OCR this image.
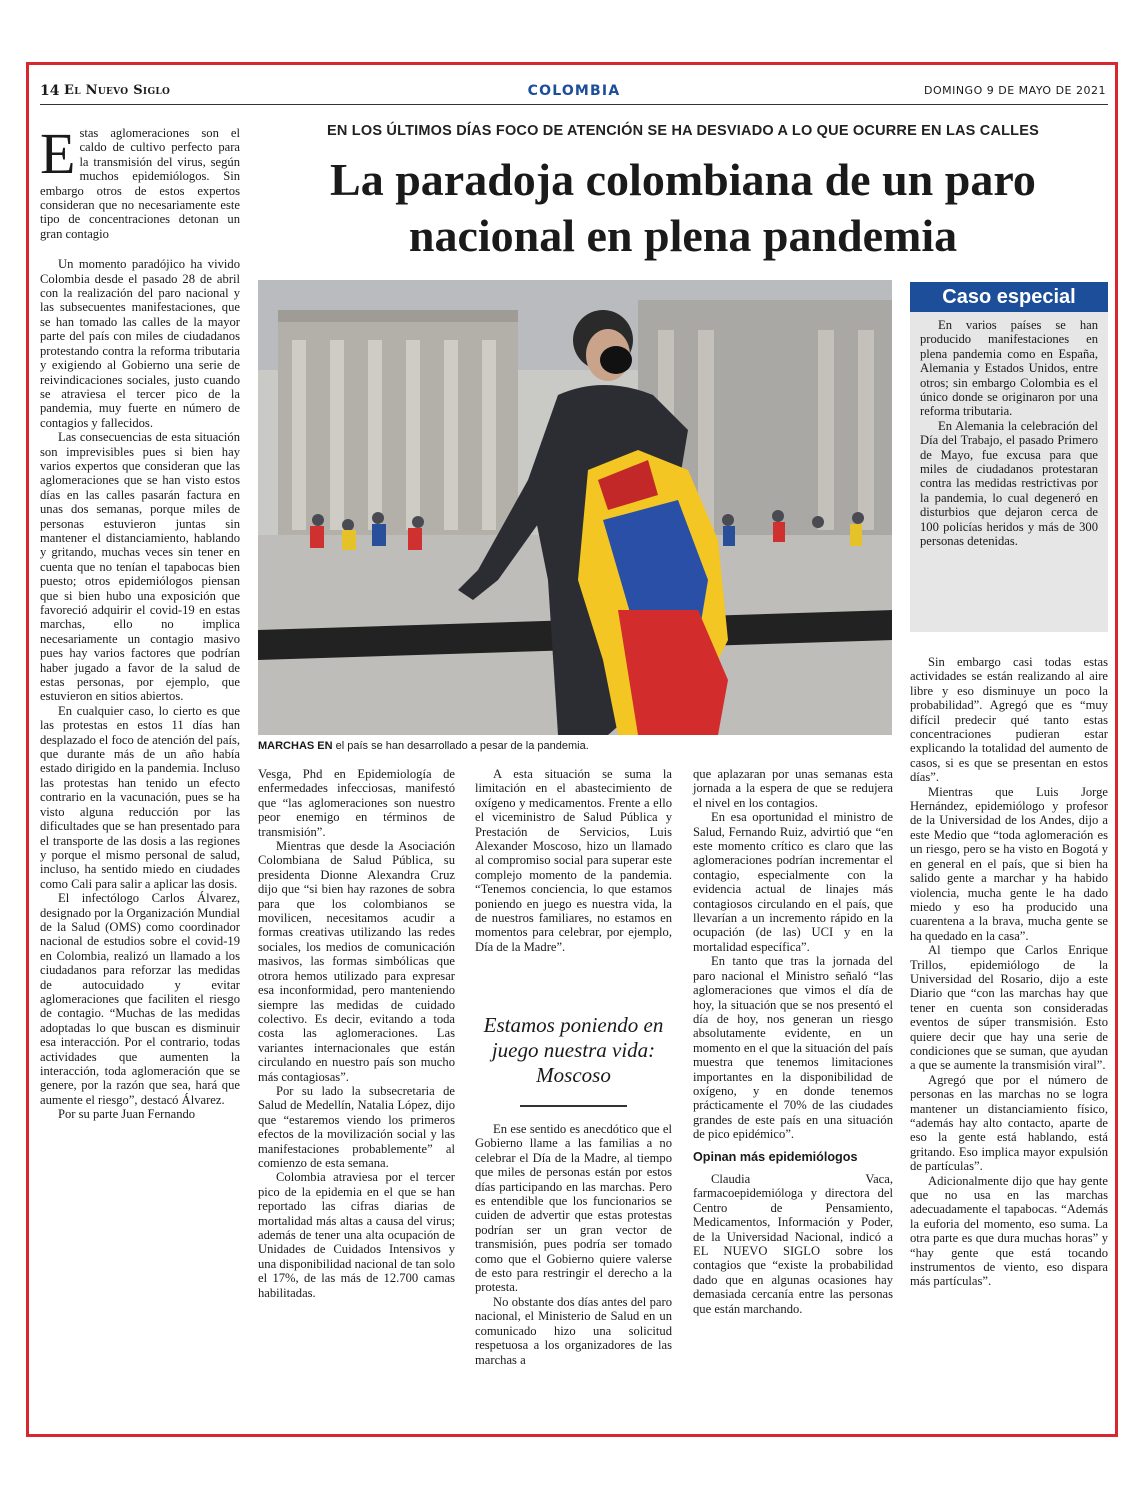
14 El Nuevo Siglo	COLOMBIA	DOMINGO 9 DE MAYO DE 2021
EN LOS ÚLTIMOS DÍAS FOCO DE ATENCIÓN SE HA DESVIADO A LO QUE OCURRE EN LAS CALLES
La paradoja colombiana de un paro nacional en plena pandemia

Estas aglomeraciones son el caldo de cultivo perfecto para la transmisión del virus, según muchos epidemiólogos. Sin embargo otros de estos expertos consideran que no necesariamente este tipo de concentraciones detonan un gran contagio

Un momento paradójico ha vivido Colombia desde el pasado 28 de abril con la realización del paro nacional y las subsecuentes manifestaciones, que se han tomado las calles de la mayor parte del país con miles de ciudadanos protestando contra la reforma tributaria y exigiendo al Gobierno una serie de reivindicaciones sociales, justo cuando se atraviesa el tercer pico de la pandemia, muy fuerte en número de contagios y fallecidos.

Las consecuencias de esta situación son imprevisibles pues si bien hay varios expertos que consideran que las aglomeraciones que se han visto estos días en las calles pasarán factura en unas dos semanas, porque miles de personas estuvieron juntas sin mantener el distanciamiento, hablando y gritando, muchas veces sin tener en cuenta que no tenían el tapabocas bien puesto; otros epidemiólogos piensan que si bien hubo una exposición que favoreció adquirir el covid-19 en estas marchas, ello no implica necesariamente un contagio masivo pues hay varios factores que podrían haber jugado a favor de la salud de estas personas, por ejemplo, que estuvieron en sitios abiertos.

En cualquier caso, lo cierto es que las protestas en estos 11 días han desplazado el foco de atención del país, que durante más de un año había estado dirigido en la pandemia. Incluso las protestas han tenido un efecto contrario en la vacunación, pues se ha visto alguna reducción por las dificultades que se han presentado para el transporte de las dosis a las regiones y porque el mismo personal de salud, incluso, ha sentido miedo en ciudades como Cali para salir a aplicar las dosis.

El infectólogo Carlos Álvarez, designado por la Organización Mundial de la Salud (OMS) como coordinador nacional de estudios sobre el covid-19 en Colombia, realizó un llamado a los ciudadanos para reforzar las medidas de autocuidado y evitar aglomeraciones que faciliten el riesgo de contagio. “Muchas de las medidas adoptadas lo que buscan es disminuir esa interacción. Por el contrario, todas actividades que aumenten la interacción, toda aglomeración que se genere, por la razón que sea, hará que aumente el riesgo”, destacó Álvarez.

Por su parte Juan Fernando

MARCHAS EN el país se han desarrollado a pesar de la pandemia.
Caso especial

En varios países se han producido manifestaciones en plena pandemia como en España, Alemania y Estados Unidos, entre otros; sin embargo Colombia es el único donde se originaron por una reforma tributaria.

En Alemania la celebración del Día del Trabajo, el pasado Primero de Mayo, fue excusa para que miles de ciudadanos protestaran contra las medidas restrictivas por la pandemia, lo cual degeneró en disturbios que dejaron cerca de 100 policías heridos y más de 300 personas detenidas.

Vesga, Phd en Epidemiología de enfermedades infecciosas, manifestó que “las aglomeraciones son nuestro peor enemigo en términos de transmisión”.

Mientras que desde la Asociación Colombiana de Salud Pública, su presidenta Dionne Alexandra Cruz dijo que “si bien hay razones de sobra para que los colombianos se movilicen, necesitamos acudir a formas creativas utilizando las redes sociales, los medios de comunicación masivos, las formas simbólicas que otrora hemos utilizado para expresar esa inconformidad, pero manteniendo siempre las medidas de cuidado colectivo. Es decir, evitando a toda costa las aglomeraciones. Las variantes internacionales que están circulando en nuestro país son mucho más contagiosas”.

Por su lado la subsecretaria de Salud de Medellín, Natalia López, dijo que “estaremos viendo los primeros efectos de la movilización social y las manifestaciones probablemente” al comienzo de esta semana.

Colombia atraviesa por el tercer pico de la epidemia en el que se han reportado las cifras diarias de mortalidad más altas a causa del virus; además de tener una alta ocupación de Unidades de Cuidados Intensivos y una disponibilidad nacional de tan solo el 17%, de las más de 12.700 camas habilitadas.

A esta situación se suma la limitación en el abastecimiento de oxígeno y medicamentos. Frente a ello el viceministro de Salud Pública y Prestación de Servicios, Luis Alexander Moscoso, hizo un llamado al compromiso social para superar este complejo momento de la pandemia. “Tenemos conciencia, lo que estamos poniendo en juego es nuestra vida, la de nuestros familiares, no estamos en momentos para celebrar, por ejemplo, Día de la Madre”.

Estamos poniendo en juego nuestra vida: Moscoso

En ese sentido es anecdótico que el Gobierno llame a las familias a no celebrar el Día de la Madre, al tiempo que miles de personas están por estos días participando en las marchas. Pero es entendible que los funcionarios se cuiden de advertir que estas protestas podrían ser un gran vector de transmisión, pues podría ser tomado como que el Gobierno quiere valerse de esto para restringir el derecho a la protesta.

No obstante dos días antes del paro nacional, el Ministerio de Salud en un comunicado hizo una solicitud respetuosa a los organizadores de las marchas a

que aplazaran por unas semanas esta jornada a la espera de que se redujera el nivel en los contagios.

En esa oportunidad el ministro de Salud, Fernando Ruiz, advirtió que “en este momento crítico es claro que las aglomeraciones podrían incrementar el contagio, especialmente con la evidencia actual de linajes más contagiosos circulando en el país, que llevarían a un incremento rápido en la ocupación (de las) UCI y en la mortalidad específica”.

En tanto que tras la jornada del paro nacional el Ministro señaló “las aglomeraciones que vimos el día de hoy, la situación que se nos presentó el día de hoy, nos generan un riesgo absolutamente evidente, en un momento en el que la situación del país muestra que tenemos limitaciones importantes en la disponibilidad de oxígeno, y en donde tenemos prácticamente el 70% de las ciudades grandes de este país en una situación de pico epidémico”.

Opinan más epidemiólogos

Claudia Vaca, farmacoepidemióloga y directora del Centro de Pensamiento, Medicamentos, Información y Poder, de la Universidad Nacional, indicó a EL NUEVO SIGLO sobre los contagios que “existe la probabilidad dado que en algunas ocasiones hay demasiada cercanía entre las personas que están marchando.

Sin embargo casi todas estas actividades se están realizando al aire libre y eso disminuye un poco la probabilidad”. Agregó que es “muy difícil predecir qué tanto estas concentraciones pudieran estar explicando la totalidad del aumento de casos, si es que se presentan en estos días”.

Mientras que Luis Jorge Hernández, epidemiólogo y profesor de la Universidad de los Andes, dijo a este Medio que “toda aglomeración es un riesgo, pero se ha visto en Bogotá y en general en el país, que si bien ha salido gente a marchar y ha habido violencia, mucha gente le ha dado miedo y eso ha producido una cuarentena a la brava, mucha gente se ha quedado en la casa”.

Al tiempo que Carlos Enrique Trillos, epidemiólogo de la Universidad del Rosario, dijo a este Diario que “con las marchas hay que tener en cuenta son consideradas eventos de súper transmisión. Esto quiere decir que hay una serie de condiciones que se suman, que ayudan a que se aumente la transmisión viral”.

Agregó que por el número de personas en las marchas no se logra mantener un distanciamiento físico, “además hay alto contacto, aparte de eso la gente está hablando, está gritando. Eso implica mayor expulsión de partículas”.

Adicionalmente dijo que hay gente que no usa en las marchas adecuadamente el tapabocas. “Además la euforia del momento, eso suma. La otra parte es que dura muchas horas” y “hay gente que está tocando instrumentos de viento, eso dispara más partículas”.
